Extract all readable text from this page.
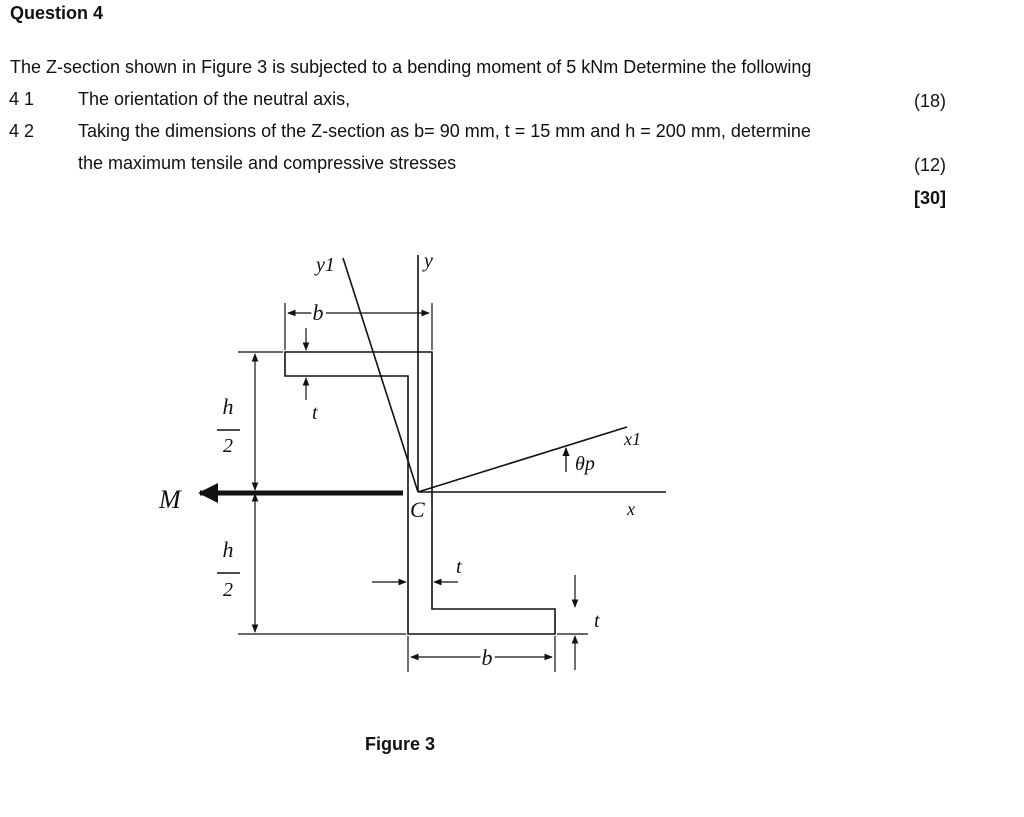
Question 4
The Z-section shown in Figure 3 is subjected to a bending moment of 5 kNm Determine the following
4 1 The orientation of the neutral axis,	(18)
4 2 Taking the dimensions of the Z-section as b= 90 mm, t = 15 mm and h = 200 mm, determine
the maximum tensile and compressive stresses	(12)
[30]
y1	y
b
t
h
2
h
2
M	C
θp
x1
x
t
t
b
Figure 3
